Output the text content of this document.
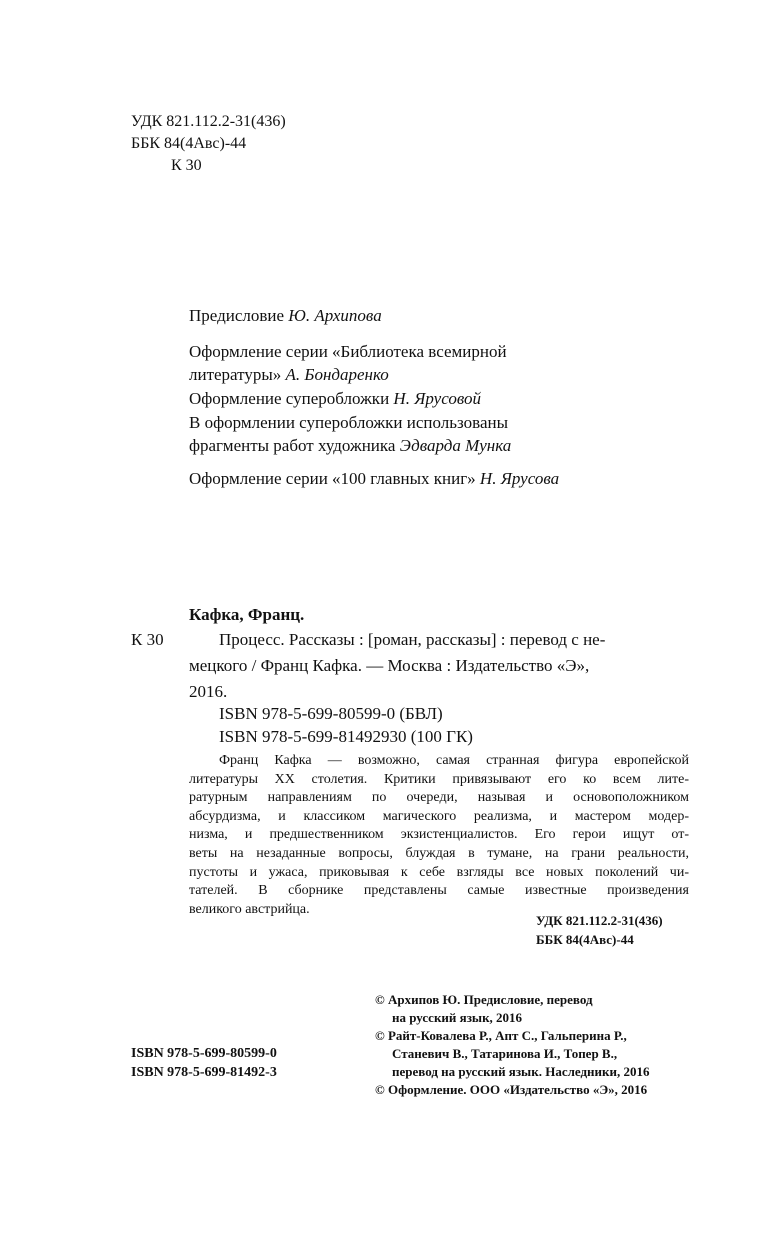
УДК 821.112.2-31(436)
ББК 84(4Авс)-44
К 30
Предисловие Ю. Архипова
Оформление серии «Библиотека всемирной
литературы» А. Бондаренко
Оформление суперобложки Н. Ярусовой
В оформлении суперобложки использованы
фрагменты работ художника Эдварда Мунка
Оформление серии «100 главных книг» Н. Ярусова
Кафка, Франц.
К 30	Процесс. Рассказы : [роман, рассказы] : перевод с не-
мецкого / Франц Кафка. — Москва : Издательство «Э»,
2016.
ISBN 978-5-699-80599-0 (БВЛ)
ISBN 978-5-699-81492930 (100 ГК)
Франц Кафка — возможно, самая странная фигура европейской
литературы XX столетия. Критики привязывают его ко всем лите-
ратурным направлениям по очереди, называя и основоположником
абсурдизма, и классиком магического реализма, и мастером модер-
низма, и предшественником экзистенциалистов. Его герои ищут от-
веты на незаданные вопросы, блуждая в тумане, на грани реальности,
пустоты и ужаса, приковывая к себе взгляды все новых поколений чи-
тателей. В сборнике представлены самые известные произведения
великого австрийца.
УДК 821.112.2-31(436)
ББК 84(4Авс)-44
© Архипов Ю. Предисловие, перевод
на русский язык, 2016
© Райт-Ковалева Р., Апт С., Гальперина Р.,
Станевич В., Татаринова И., Топер В.,
перевод на русский язык. Наследники, 2016
© Оформление. ООО «Издательство «Э», 2016
ISBN 978-5-699-80599-0
ISBN 978-5-699-81492-3
